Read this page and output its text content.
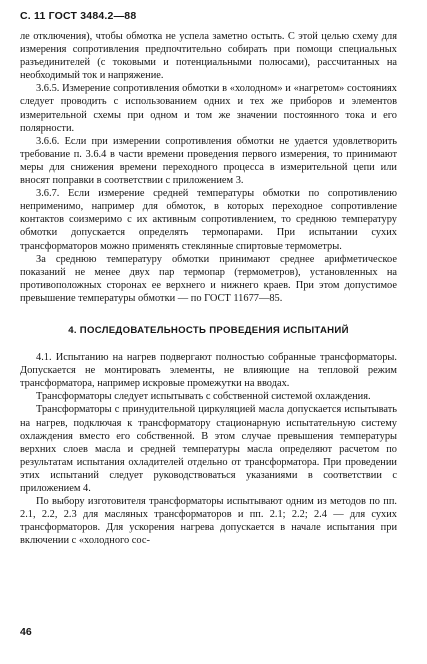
С. 11 ГОСТ 3484.2—88

ле отключения), чтобы обмотка не успела заметно остыть. С этой целью схему для измерения сопротивления предпочтительно собирать при помощи специальных разъединителей (с токовыми и потенциальными полюсами), рассчитанных на необходимый ток и напряжение.

3.6.5. Измерение сопротивления обмотки в «холодном» и «нагретом» состояниях следует проводить с использованием одних и тех же приборов и элементов измерительной схемы при одном и том же значении постоянного тока и его полярности.

3.6.6. Если при измерении сопротивления обмотки не удается удовлетворить требование п. 3.6.4 в части времени проведения первого измерения, то принимают меры для снижения времени переходного процесса в измерительной цепи или вносят поправки в соответствии с приложением 3.

3.6.7. Если измерение средней температуры обмотки по сопротивлению неприменимо, например для обмоток, в которых переходное сопротивление контактов соизмеримо с их активным сопротивлением, то среднюю температуру обмотки допускается определять термопарами. При испытании сухих трансформаторов можно применять стеклянные спиртовые термометры.

За среднюю температуру обмотки принимают среднее арифметическое показаний не менее двух пар термопар (термометров), установленных на противоположных сторонах ее верхнего и нижнего краев. При этом допустимое превышение температуры обмотки — по ГОСТ 11677—85.

4. ПОСЛЕДОВАТЕЛЬНОСТЬ ПРОВЕДЕНИЯ ИСПЫТАНИЙ

4.1. Испытанию на нагрев подвергают полностью собранные трансформаторы. Допускается не монтировать элементы, не влияющие на тепловой режим трансформатора, например искровые промежутки на вводах.

Трансформаторы следует испытывать с собственной системой охлаждения.

Трансформаторы с принудительной циркуляцией масла допускается испытывать на нагрев, подключая к трансформатору стационарную испытательную систему охлаждения вместо его собственной. В этом случае превышения температуры верхних слоев масла и средней температуры масла определяют расчетом по результатам испытания охладителей отдельно от трансформатора. При проведении этих испытаний следует руководствоваться указаниями в соответствии с приложением 4.

По выбору изготовителя трансформаторы испытывают одним из методов по пп. 2.1, 2.2, 2.3 для масляных трансформаторов и пп. 2.1; 2.2; 2.4 — для сухих трансформаторов. Для ускорения нагрева допускается в начале испытания при включении с «холодного сос-

46
